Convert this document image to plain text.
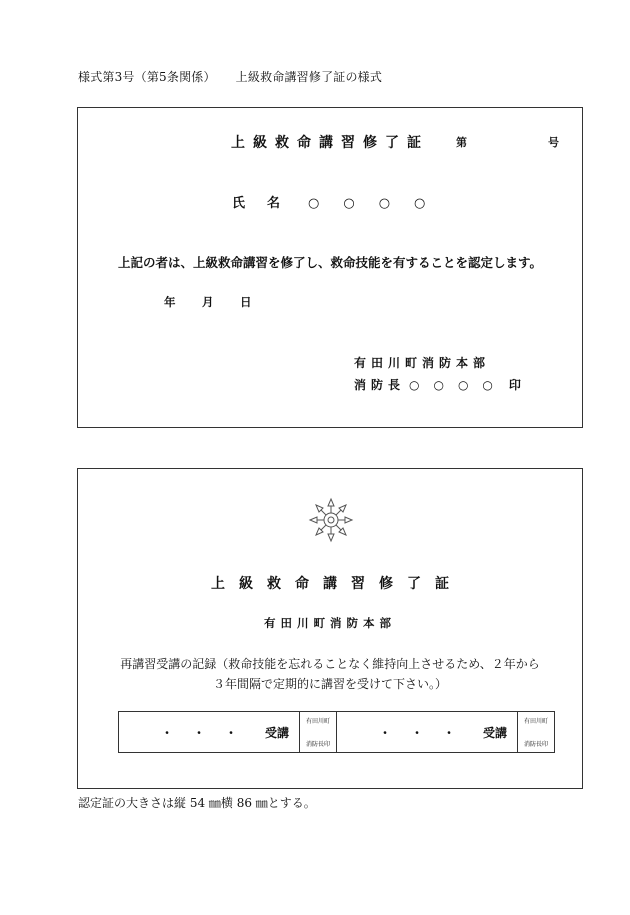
様式第3号（第5条関係） 上級救命講習修了証の様式
上級救命講習修了証	第	号
氏名 ○○○○
上記の者は、上級救命講習を修了し、救命技能を有することを認定します。
年 月 日
有田川町消防本部
消防長 ○○○○ 印
上級救命講習修了証
有田川町消防本部
再講習受講の記録（救命技能を忘れることなく維持向上させるため、２年から
３年間隔で定期的に講習を受けて下さい。）
・・・ 受講
有田川町
消防長印
・・・ 受講
有田川町
消防長印
認定証の大きさは縦 54 ㎜横 86 ㎜とする。
